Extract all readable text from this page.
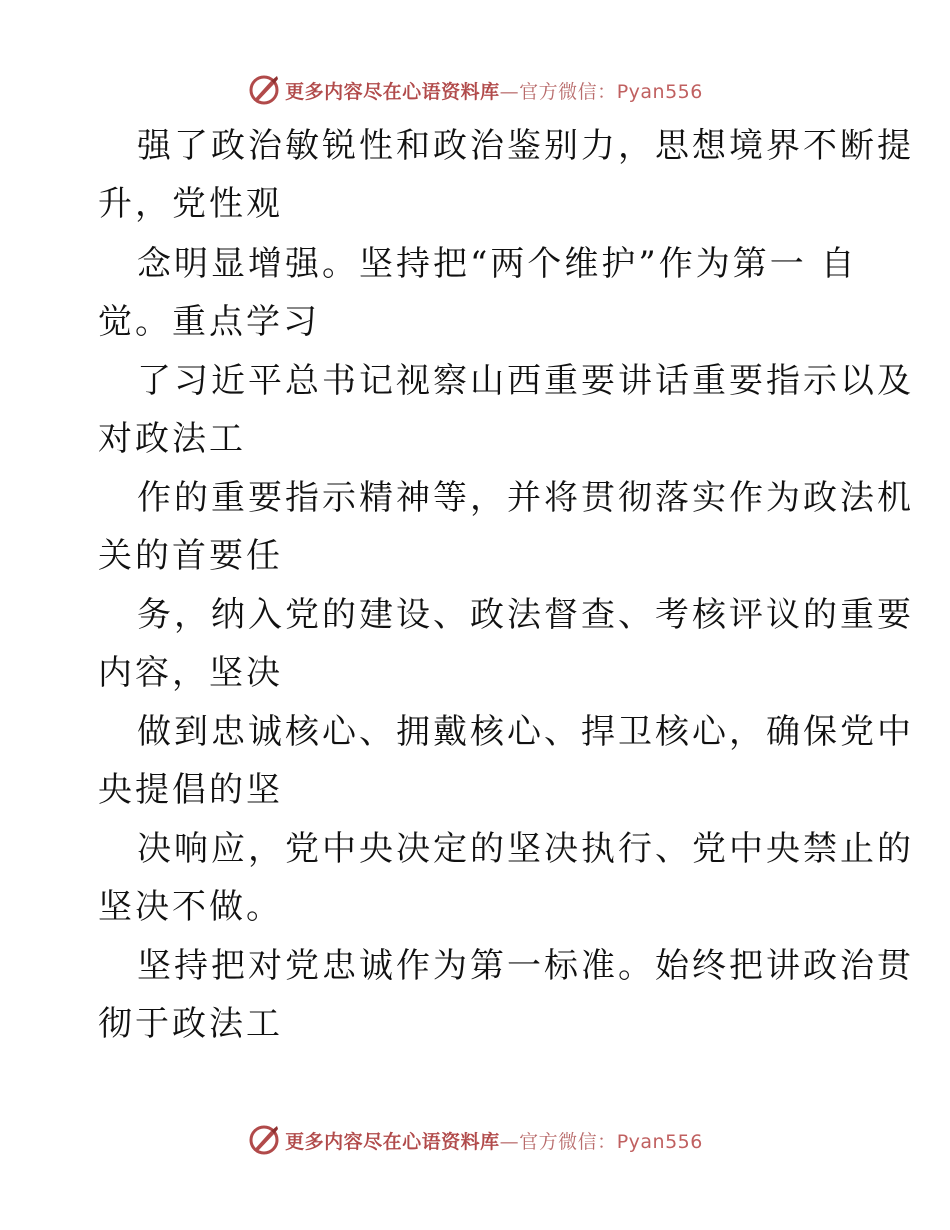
更多内容尽在心语资料库—官方微信：Pyan556
强了政治敏锐性和政治鉴别力，思想境界不断提
升，党性观
念明显增强。坚持把“两个维护”作为第一 自
觉。重点学习
了习近平总书记视察山西重要讲话重要指示以及
对政法工
作的重要指示精神等，并将贯彻落实作为政法机
关的首要任
务，纳入党的建设、政法督查、考核评议的重要
内容，坚决
做到忠诚核心、拥戴核心、捍卫核心，确保党中
央提倡的坚
决响应，党中央决定的坚决执行、党中央禁止的
坚决不做。
坚持把对党忠诚作为第一标准。始终把讲政治贯
彻于政法工
更多内容尽在心语资料库—官方微信：Pyan556
